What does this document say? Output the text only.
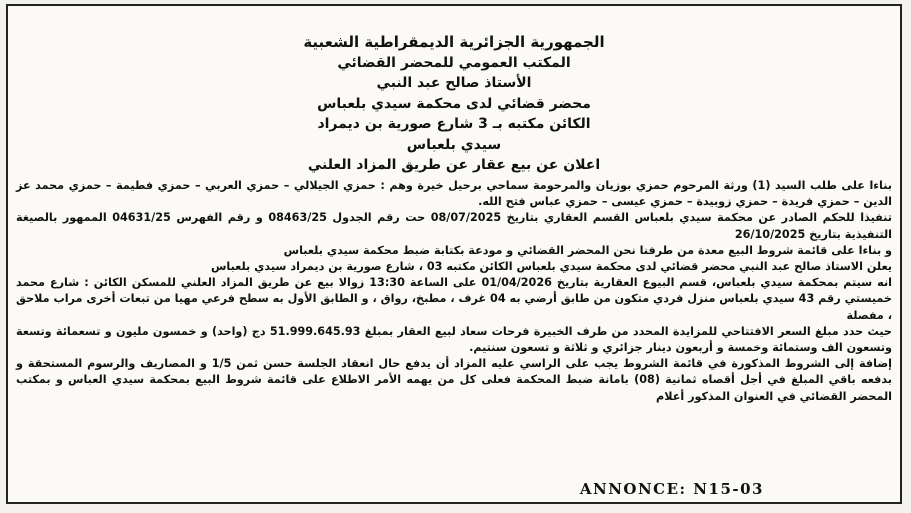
الجمهورية الجزائرية الديمقراطية الشعبية
المكتب العمومي للمحضر القضائي
الأستاذ صالح عبد النبي
محضر قضائي لدى محكمة سيدي بلعباس
الكائن مكتبه بـ 3 شارع صورية بن ديمراد
سيدي بلعباس
اعلان عن بيع عقار عن طريق المزاد العلني

بناءا على طلب السيد (1) ورثة المرحوم حمزي بوزيان والمرحومة سماحي برحيل خيرة وهم : حمزي الجيلالي – حمزي العربي – حمزي فطيمة – حمزي محمد عز الدين – حمزي فريدة – حمزي زوبيدة – حمزي عيسى – حمزي عباس فتح الله.

تنفيذا للحكم الصادر عن محكمة سيدي بلعباس القسم العقاري بتاريخ 08/07/2025 حت رقم الجدول 08463/25 و رقم الفهرس 04631/25 الممهور بالصيغة التنفيذية بتاريخ 26/10/2025

و بناءا على قائمة شروط البيع معدة من طرفنا نحن المحضر القضائي و مودعة بكتابة ضبط محكمة سيدي بلعباس

يعلن الاستاذ صالح عبد النبي محضر قضائي لدى محكمة سيدي بلعباس الكائن مكتبه 03 ، شارع صورية بن ديمراد سيدي بلعباس

انه سيتم بمحكمة سيدي بلعباس، قسم البيوع العقارية بتاريخ 01/04/2026 على الساعة 13:30 زوالا بيع عن طريق المزاد العلني للمسكن الكائن : شارع محمد خميستي رقم 43 سيدي بلعباس منزل فردي متكون من طابق أرضي به 04 غرف ، مطبخ، رواق ، و الطابق الأول به سطح فرعي مهيا من تبعات أخرى مراب ملاحق ، مفصلة

حيث حدد مبلغ السعر الافتتاحي للمزايدة المحدد من طرف الخبيرة فرحات سعاد لبيع العقار بمبلغ 51.999.645.93 دج (واحد) و خمسون مليون و تسعمائة وتسعة وتسعون الف وستمائة وخمسة و أربعون دينار جزائري و ثلاثة و تسعون سنتيم.

إضافة إلى الشروط المذكورة في قائمة الشروط يجب على الراسي عليه المزاد أن يدفع حال انعقاد الجلسة حسن ثمن 1/5 و المصاريف والرسوم المستحقة و بدفعه باقي المبلغ في أجل أقصاه ثمانية (08) بامانة ضبط المحكمة فعلى كل من يهمه الأمر الاطلاع على قائمة شروط البيع بمحكمة سيدي العباس و بمكتب المحضر القضائي في العنوان المذكور أعلام

ANNONCE: N15-03
